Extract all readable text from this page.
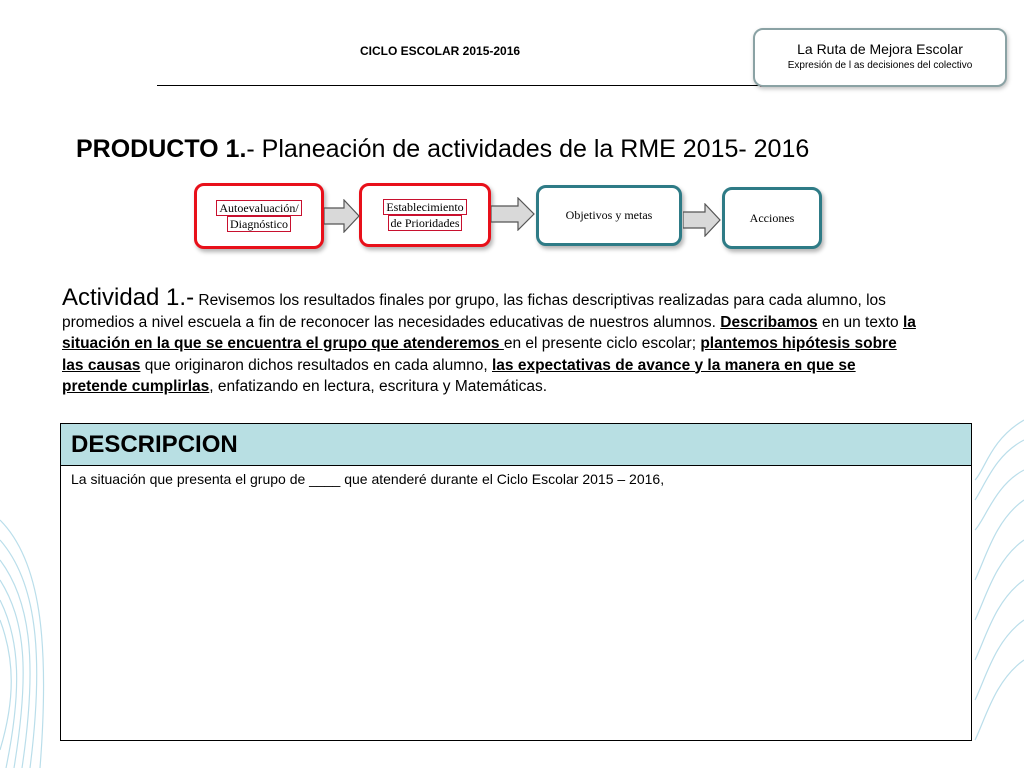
CICLO ESCOLAR 2015-2016	La Ruta de Mejora Escolar
Expresión de l as decisiones del colectivo
PRODUCTO 1.- Planeación de actividades de la RME 2015- 2016
Autoevaluación/
Diagnóstico
Establecimiento
de Prioridades
Objetivos y metas	Acciones
Actividad 1.- Revisemos los resultados finales por grupo, las fichas descriptivas realizadas para cada alumno, los promedios a nivel escuela a fin de reconocer las necesidades educativas de nuestros alumnos. Describamos en un texto la situación en la que se encuentra el grupo que atenderemos en el presente ciclo escolar; plantemos hipótesis sobre las causas que originaron dichos resultados en cada alumno, las expectativas de avance y la manera en que se pretende cumplirlas, enfatizando en lectura, escritura y Matemáticas.
DESCRIPCION
La situación que presenta el grupo de ____ que atenderé durante el Ciclo Escolar 2015 – 2016,
